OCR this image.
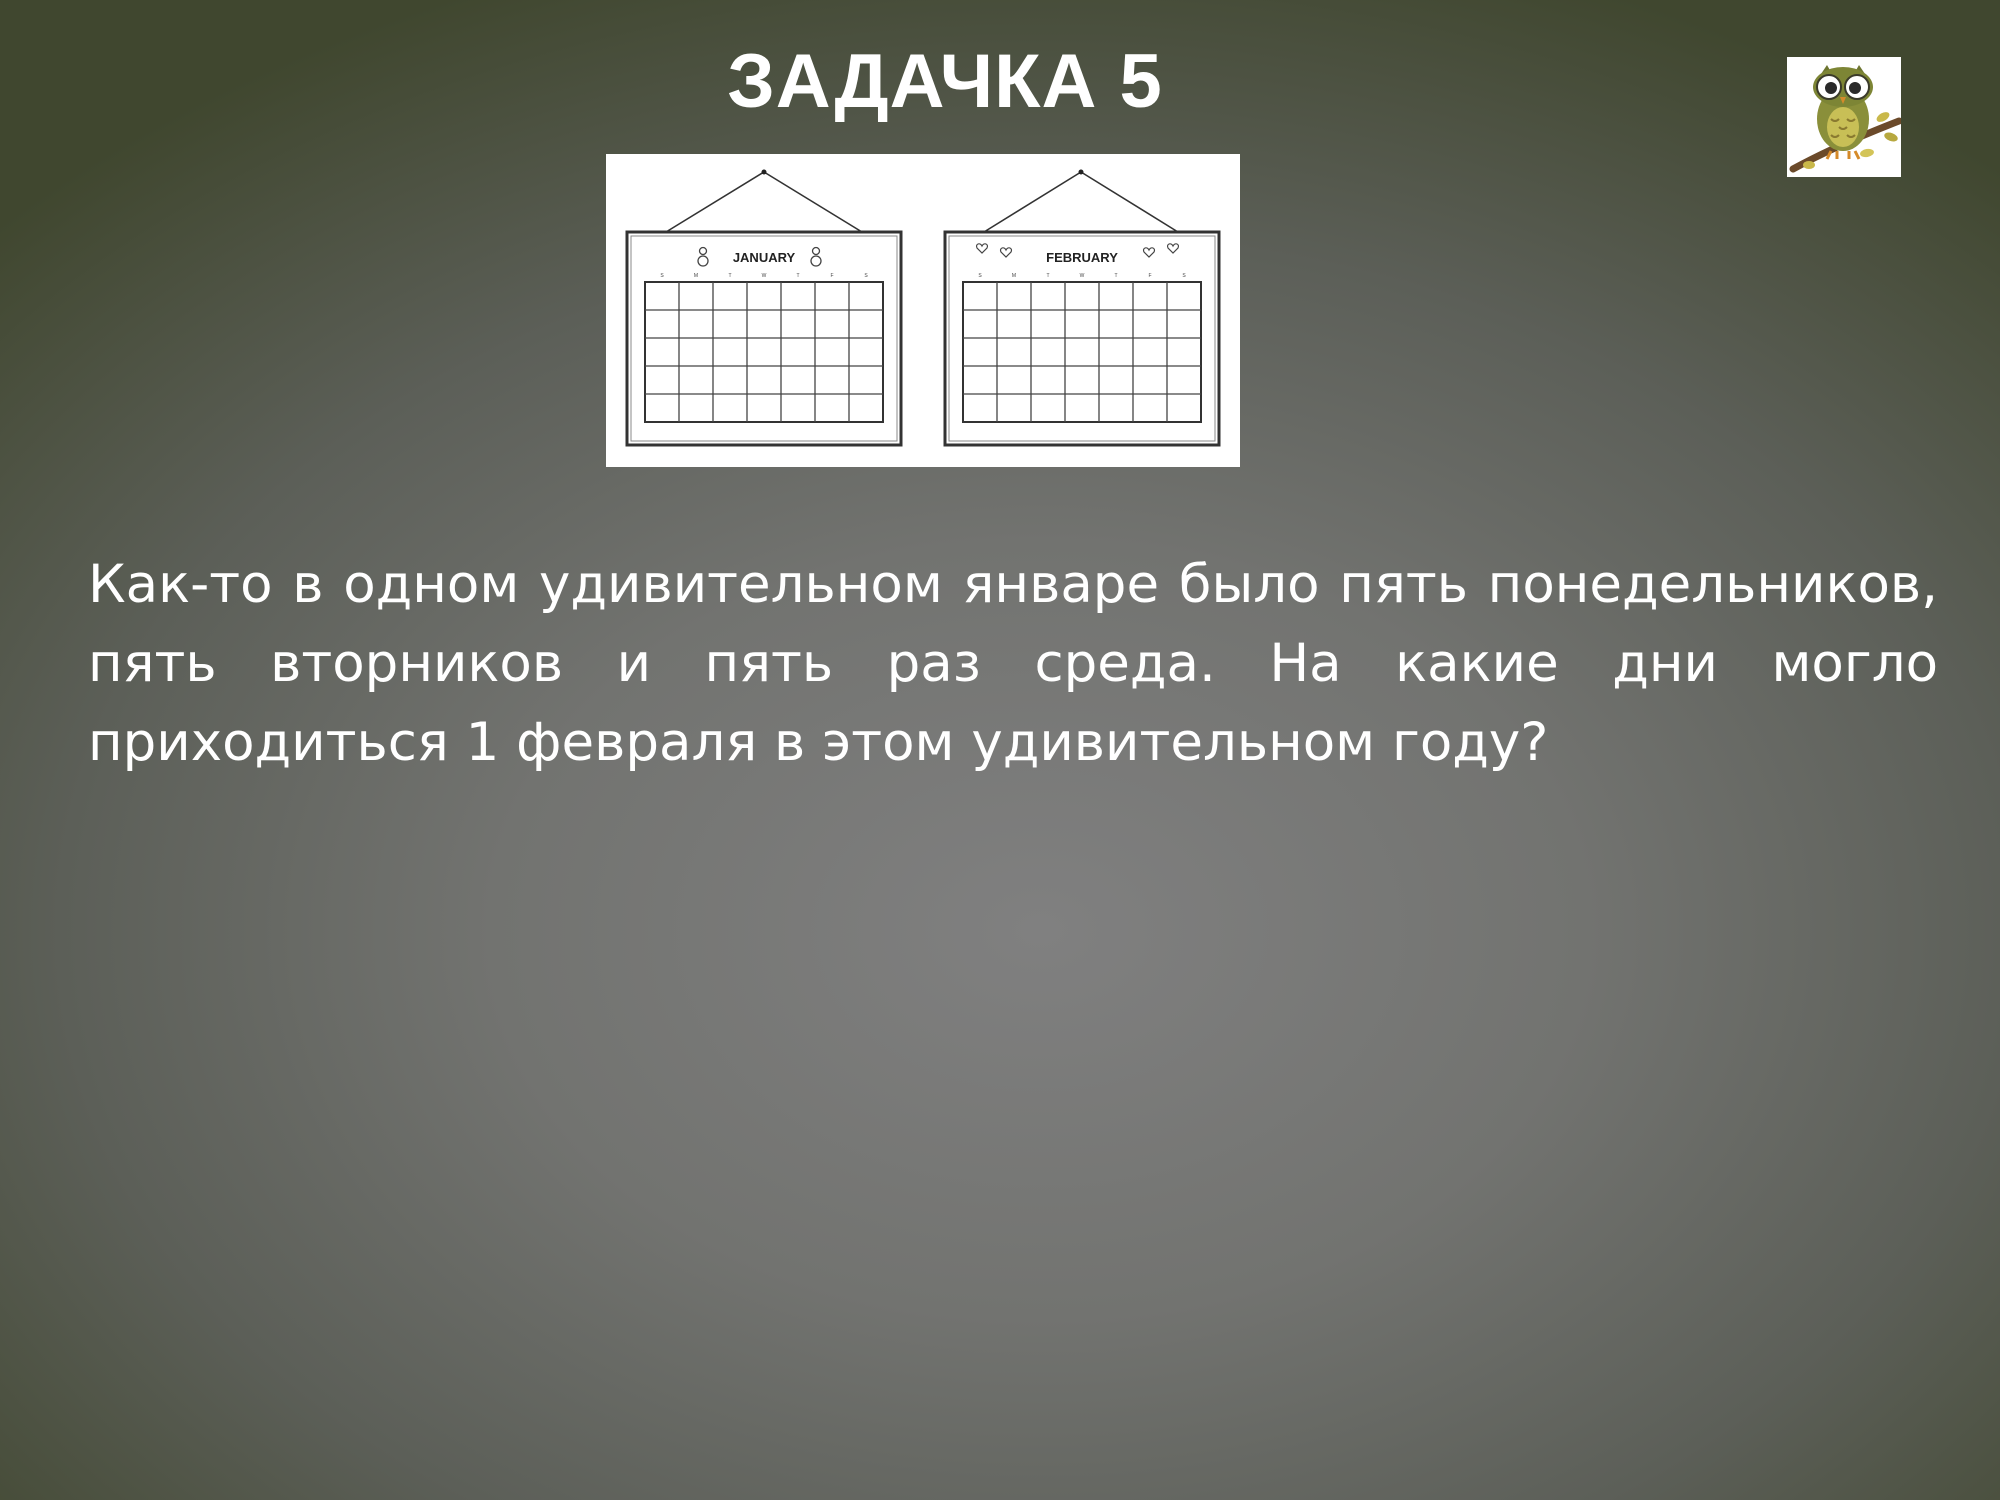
ЗАДАЧКА 5
JANUARY
S	M	T	W	T	F	S
FEBRUARY
S	M	T	W	T	F	S
Как-то в одном удивительном январе было пять понедельников, пять вторников и пять раз среда. На какие дни могло приходиться 1 февраля в этом удивительном году?
